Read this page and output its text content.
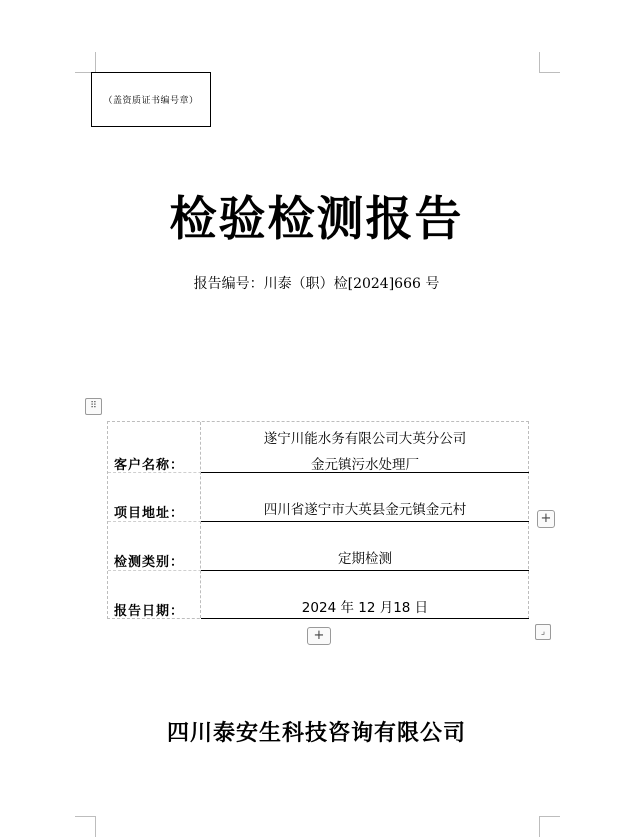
（盖资质证书编号章）
检验检测报告
报告编号：川泰（职）检[2024]666 号
⠿
客户名称：
遂宁川能水务有限公司大英分公司
金元镇污水处理厂
项目地址：	四川省遂宁市大英县金元镇金元村
检测类别：	定期检测
报告日期：	2024 年 12 月18 日
+
+	⌟
四川泰安生科技咨询有限公司
